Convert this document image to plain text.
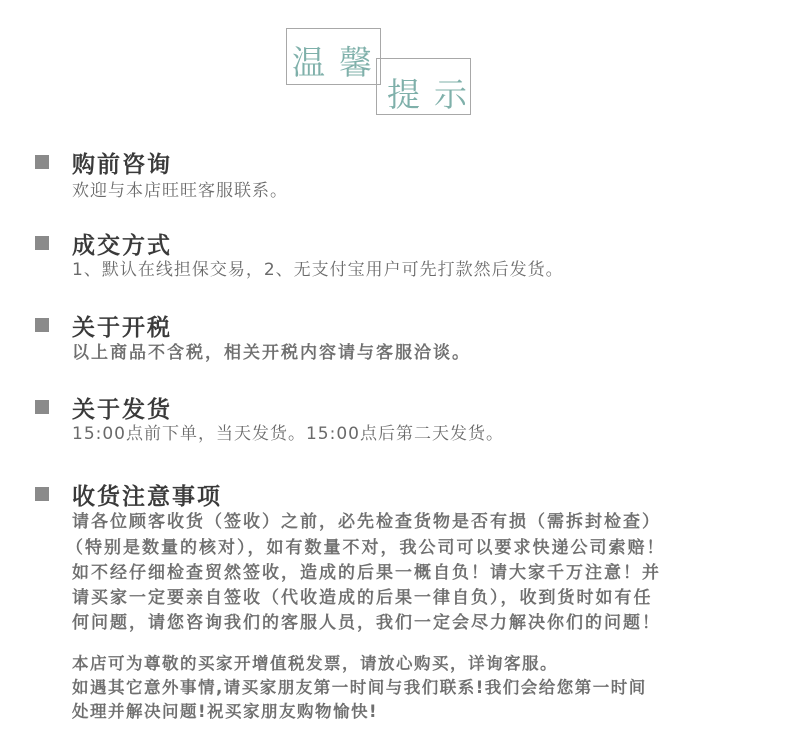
温馨
提示
购前咨询
欢迎与本店旺旺客服联系。
成交方式
1、默认在线担保交易，2、无支付宝用户可先打款然后发货。
关于开税
以上商品不含税，相关开税内容请与客服洽谈。
关于发货
15:00点前下单，当天发货。15:00点后第二天发货。
收货注意事项
请各位顾客收货（签收）之前，必先检查货物是否有损（需拆封检查）
（特别是数量的核对），如有数量不对，我公司可以要求快递公司索赔！
如不经仔细检查贸然签收，造成的后果一概自负！请大家千万注意！并
请买家一定要亲自签收（代收造成的后果一律自负），收到货时如有任
何问题，请您咨询我们的客服人员，我们一定会尽力解决你们的问题！
本店可为尊敬的买家开增值税发票，请放心购买，详询客服。
如遇其它意外事情,请买家朋友第一时间与我们联系!我们会给您第一时间
处理并解决问题!祝买家朋友购物愉快!
